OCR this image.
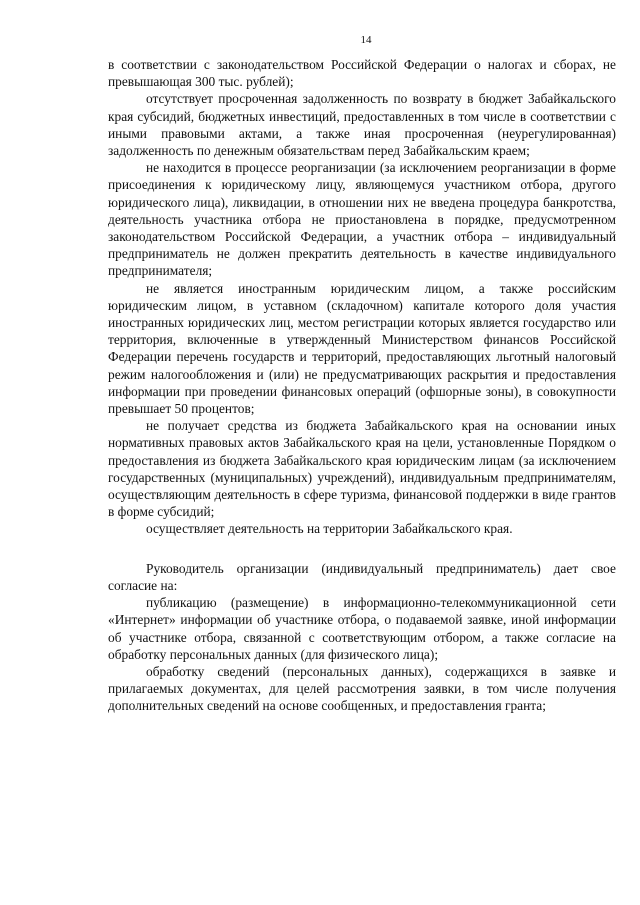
14

в соответствии с законодательством Российской Федерации о налогах и сборах, не превышающая 300 тыс. рублей);

отсутствует просроченная задолженность по возврату в бюджет Забайкальского края субсидий, бюджетных инвестиций, предоставленных в том числе в соответствии с иными правовыми актами, а также иная просроченная (неурегулированная) задолженность по денежным обязательствам перед Забайкальским краем;

не находится в процессе реорганизации (за исключением реорганизации в форме присоединения к юридическому лицу, являющемуся участником отбора, другого юридического лица), ликвидации, в отношении них не введена процедура банкротства, деятельность участника отбора не приостановлена в порядке, предусмотренном законодательством Российской Федерации, а участник отбора – индивидуальный предприниматель не должен прекратить деятельность в качестве индивидуального предпринимателя;

не является иностранным юридическим лицом, а также российским юридическим лицом, в уставном (складочном) капитале которого доля участия иностранных юридических лиц, местом регистрации которых является государство или территория, включенные в утвержденный Министерством финансов Российской Федерации перечень государств и территорий, предоставляющих льготный налоговый режим налогообложения и (или) не предусматривающих раскрытия и предоставления информации при проведении финансовых операций (офшорные зоны), в совокупности превышает 50 процентов;

не получает средства из бюджета Забайкальского края на основании иных нормативных правовых актов Забайкальского края на цели, установленные Порядком о предоставления из бюджета Забайкальского края юридическим лицам (за исключением государственных (муниципальных) учреждений), индивидуальным предпринимателям, осуществляющим деятельность в сфере туризма, финансовой поддержки в виде грантов в форме субсидий;

осуществляет деятельность на территории Забайкальского края.

Руководитель организации (индивидуальный предприниматель) дает свое согласие на:

публикацию (размещение) в информационно-телекоммуникационной сети «Интернет» информации об участнике отбора, о подаваемой заявке, иной информации об участнике отбора, связанной с соответствующим отбором, а также согласие на обработку персональных данных (для физического лица);

обработку сведений (персональных данных), содержащихся в заявке и прилагаемых документах, для целей рассмотрения заявки, в том числе получения дополнительных сведений на основе сообщенных, и предоставления гранта;
